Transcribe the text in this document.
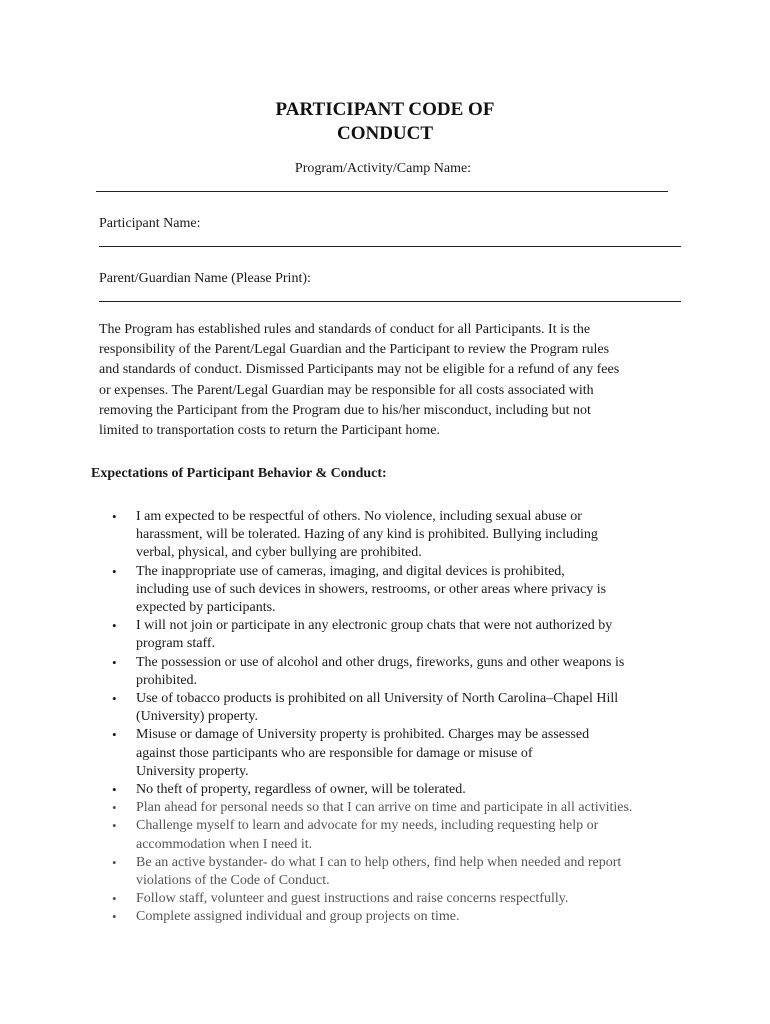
PARTICIPANT CODE OF
CONDUCT
Program/Activity/Camp Name:
Participant Name:
Parent/Guardian Name (Please Print):
The Program has established rules and standards of conduct for all Participants. It is the
responsibility of the Parent/Legal Guardian and the Participant to review the Program rules
and standards of conduct. Dismissed Participants may not be eligible for a refund of any fees
or expenses. The Parent/Legal Guardian may be responsible for all costs associated with
removing the Participant from the Program due to his/her misconduct, including but not
limited to transportation costs to return the Participant home.
Expectations of Participant Behavior & Conduct:
• I am expected to be respectful of others. No violence, including sexual abuse or
harassment, will be tolerated. Hazing of any kind is prohibited. Bullying including
verbal, physical, and cyber bullying are prohibited.
• The inappropriate use of cameras, imaging, and digital devices is prohibited,
including use of such devices in showers, restrooms, or other areas where privacy is
expected by participants.
• I will not join or participate in any electronic group chats that were not authorized by
program staff.
• The possession or use of alcohol and other drugs, fireworks, guns and other weapons is
prohibited.
• Use of tobacco products is prohibited on all University of North Carolina–Chapel Hill
(University) property.
• Misuse or damage of University property is prohibited. Charges may be assessed
against those participants who are responsible for damage or misuse of
University property.
• No theft of property, regardless of owner, will be tolerated.
• Plan ahead for personal needs so that I can arrive on time and participate in all activities.
• Challenge myself to learn and advocate for my needs, including requesting help or
accommodation when I need it.
• Be an active bystander- do what I can to help others, find help when needed and report
violations of the Code of Conduct.
• Follow staff, volunteer and guest instructions and raise concerns respectfully.
• Complete assigned individual and group projects on time.
